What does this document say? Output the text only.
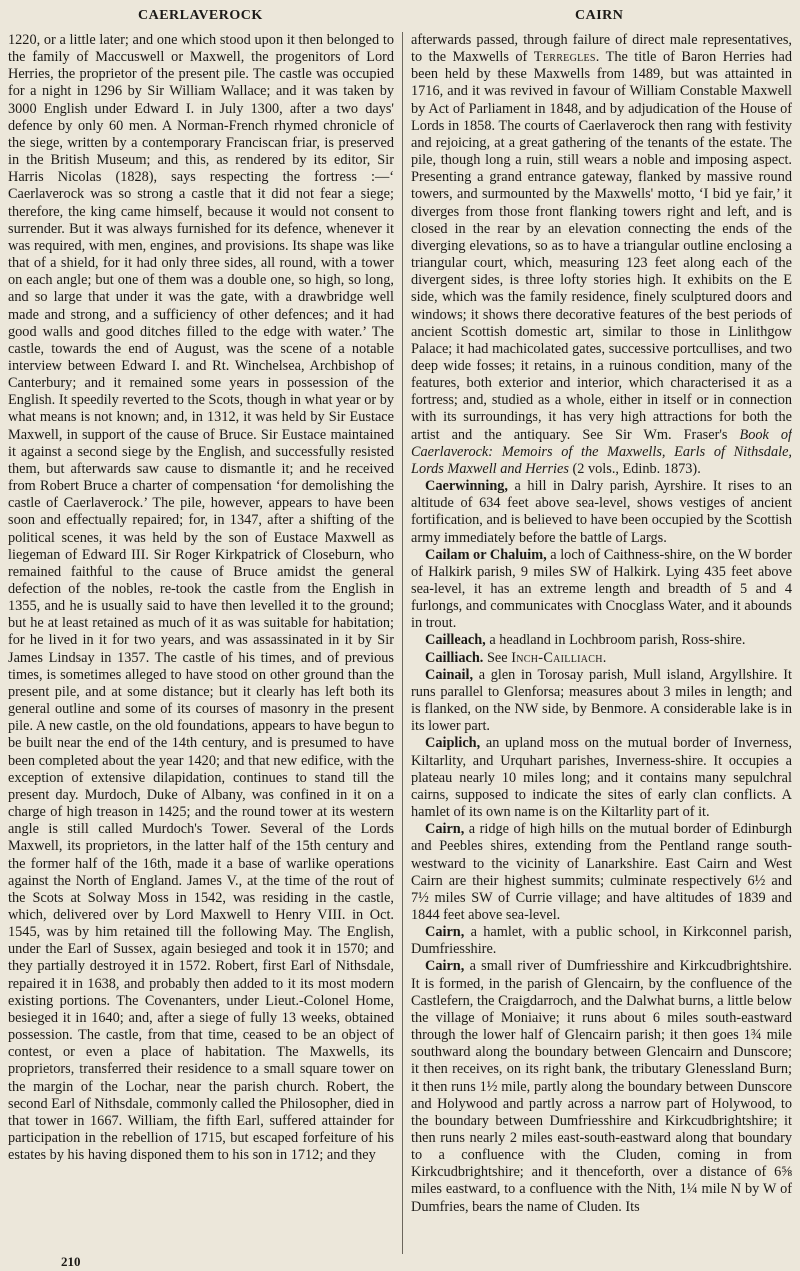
CAERLAVEROCK	CAIRN

1220, or a little later; and one which stood upon it then belonged to the family of Maccuswell or Maxwell, the progenitors of Lord Herries, the proprietor of the present pile. The castle was occupied for a night in 1296 by Sir William Wallace; and it was taken by 3000 English under Edward I. in July 1300, after a two days' defence by only 60 men. A Norman-French rhymed chronicle of the siege, written by a contemporary Franciscan friar, is preserved in the British Museum; and this, as rendered by its editor, Sir Harris Nicolas (1828), says respecting the fortress :—‘ Caerlaverock was so strong a castle that it did not fear a siege; therefore, the king came himself, because it would not consent to surrender. But it was always furnished for its defence, whenever it was required, with men, engines, and provisions. Its shape was like that of a shield, for it had only three sides, all round, with a tower on each angle; but one of them was a double one, so high, so long, and so large that under it was the gate, with a drawbridge well made and strong, and a sufficiency of other defences; and it had good walls and good ditches filled to the edge with water.’ The castle, towards the end of August, was the scene of a notable interview between Edward I. and Rt. Winchelsea, Archbishop of Canterbury; and it remained some years in possession of the English. It speedily reverted to the Scots, though in what year or by what means is not known; and, in 1312, it was held by Sir Eustace Maxwell, in support of the cause of Bruce. Sir Eustace maintained it against a second siege by the English, and successfully resisted them, but afterwards saw cause to dismantle it; and he received from Robert Bruce a charter of compensation ‘for demolishing the castle of Caerlaverock.’ The pile, however, appears to have been soon and effectually repaired; for, in 1347, after a shifting of the political scenes, it was held by the son of Eustace Maxwell as liegeman of Edward III. Sir Roger Kirkpatrick of Closeburn, who remained faithful to the cause of Bruce amidst the general defection of the nobles, re-took the castle from the English in 1355, and he is usually said to have then levelled it to the ground; but he at least retained as much of it as was suitable for habitation; for he lived in it for two years, and was assassinated in it by Sir James Lindsay in 1357. The castle of his times, and of previous times, is sometimes alleged to have stood on other ground than the present pile, and at some distance; but it clearly has left both its general outline and some of its courses of masonry in the present pile. A new castle, on the old foundations, appears to have begun to be built near the end of the 14th century, and is presumed to have been completed about the year 1420; and that new edifice, with the exception of extensive dilapidation, continues to stand till the present day. Murdoch, Duke of Albany, was confined in it on a charge of high treason in 1425; and the round tower at its western angle is still called Murdoch's Tower. Several of the Lords Maxwell, its proprietors, in the latter half of the 15th century and the former half of the 16th, made it a base of warlike operations against the North of England. James V., at the time of the rout of the Scots at Solway Moss in 1542, was residing in the castle, which, delivered over by Lord Maxwell to Henry VIII. in Oct. 1545, was by him retained till the following May. The English, under the Earl of Sussex, again besieged and took it in 1570; and they partially destroyed it in 1572. Robert, first Earl of Nithsdale, repaired it in 1638, and probably then added to it its most modern existing portions. The Covenanters, under Lieut.-Colonel Home, besieged it in 1640; and, after a siege of fully 13 weeks, obtained possession. The castle, from that time, ceased to be an object of contest, or even a place of habitation. The Maxwells, its proprietors, transferred their residence to a small square tower on the margin of the Lochar, near the parish church. Robert, the second Earl of Nithsdale, commonly called the Philosopher, died in that tower in 1667. William, the fifth Earl, suffered attainder for participation in the rebellion of 1715, but escaped forfeiture of his estates by his having disponed them to his son in 1712; and they

afterwards passed, through failure of direct male representatives, to the Maxwells of Terregles. The title of Baron Herries had been held by these Maxwells from 1489, but was attainted in 1716, and it was revived in favour of William Constable Maxwell by Act of Parliament in 1848, and by adjudication of the House of Lords in 1858. The courts of Caerlaverock then rang with festivity and rejoicing, at a great gathering of the tenants of the estate. The pile, though long a ruin, still wears a noble and imposing aspect. Presenting a grand entrance gateway, flanked by massive round towers, and surmounted by the Maxwells' motto, ‘I bid ye fair,’ it diverges from those front flanking towers right and left, and is closed in the rear by an elevation connecting the ends of the diverging elevations, so as to have a triangular outline enclosing a triangular court, which, measuring 123 feet along each of the divergent sides, is three lofty stories high. It exhibits on the E side, which was the family residence, finely sculptured doors and windows; it shows there decorative features of the best periods of ancient Scottish domestic art, similar to those in Linlithgow Palace; it had machicolated gates, successive portcullises, and two deep wide fosses; it retains, in a ruinous condition, many of the features, both exterior and interior, which characterised it as a fortress; and, studied as a whole, either in itself or in connection with its surroundings, it has very high attractions for both the artist and the antiquary. See Sir Wm. Fraser's Book of Caerlaverock: Memoirs of the Maxwells, Earls of Nithsdale, Lords Maxwell and Herries (2 vols., Edinb. 1873).

Caerwinning, a hill in Dalry parish, Ayrshire. It rises to an altitude of 634 feet above sea-level, shows vestiges of ancient fortification, and is believed to have been occupied by the Scottish army immediately before the battle of Largs.

Cailam or Chaluim, a loch of Caithness-shire, on the W border of Halkirk parish, 9 miles SW of Halkirk. Lying 435 feet above sea-level, it has an extreme length and breadth of 5 and 4 furlongs, and communicates with Cnocglass Water, and it abounds in trout.

Cailleach, a headland in Lochbroom parish, Ross-shire.

Cailliach. See Inch-Cailliach.

Cainail, a glen in Torosay parish, Mull island, Argyllshire. It runs parallel to Glenforsa; measures about 3 miles in length; and is flanked, on the NW side, by Benmore. A considerable lake is in its lower part.

Caiplich, an upland moss on the mutual border of Inverness, Kiltarlity, and Urquhart parishes, Inverness-shire. It occupies a plateau nearly 10 miles long; and it contains many sepulchral cairns, supposed to indicate the sites of early clan conflicts. A hamlet of its own name is on the Kiltarlity part of it.

Cairn, a ridge of high hills on the mutual border of Edinburgh and Peebles shires, extending from the Pentland range south-westward to the vicinity of Lanarkshire. East Cairn and West Cairn are their highest summits; culminate respectively 6½ and 7½ miles SW of Currie village; and have altitudes of 1839 and 1844 feet above sea-level.

Cairn, a hamlet, with a public school, in Kirkconnel parish, Dumfriesshire.

Cairn, a small river of Dumfriesshire and Kirkcudbrightshire. It is formed, in the parish of Glencairn, by the confluence of the Castlefern, the Craigdarroch, and the Dalwhat burns, a little below the village of Moniaive; it runs about 6 miles south-eastward through the lower half of Glencairn parish; it then goes 1¾ mile southward along the boundary between Glencairn and Dunscore; it then receives, on its right bank, the tributary Glenessland Burn; it then runs 1½ mile, partly along the boundary between Dunscore and Holywood and partly across a narrow part of Holywood, to the boundary between Dumfriesshire and Kirkcudbrightshire; it then runs nearly 2 miles east-south-eastward along that boundary to a confluence with the Cluden, coming in from Kirkcudbrightshire; and it thenceforth, over a distance of 6⅝ miles eastward, to a confluence with the Nith, 1¼ mile N by W of Dumfries, bears the name of Cluden. Its

210
